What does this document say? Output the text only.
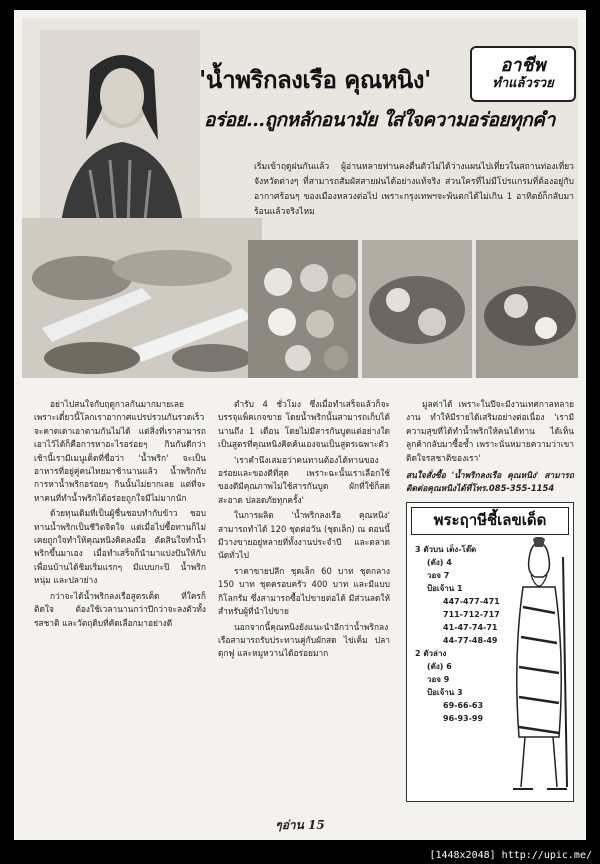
'น้ำพริกลงเรือ คุณหนิง'
อร่อย...ถูกหลักอนามัย ใส่ใจความอร่อยทุกคำ
อาชีพ
ทำแล้วรวย
เริ่มเข้าฤดูฝนกันแล้ว ผู้อ่านหลายท่านคงตื่นตัวไม่ได้ว่างแผนไปเที่ยวในสถานท่องเที่ยวจังหวัดต่างๆ ที่สามารถสัมผัสสายฝนได้อย่างแท้จริง ส่วนใครที่ไม่มีโปรแกรมที่ต้องอยู่กับอากาศร้อนๆ ของเมืองหลวงต่อไป เพราะกรุงเทพฯจะพ้นตกได้ไม่เกิน 1 อาทิตย์ก็กลับมาร้อนแล้วจริงไหม

อย่าไปสนใจกับฤดูกาลกันมากมายเลย เพราะเดี๋ยวนี้โลกเราอากาศแปรปรวนกันรวดเร็วจะคาดเดาเอาตามกันไม่ได้ แต่สิ่งที่เราสามารถเอาไว้ได้ก็คือการหาอะไรอร่อยๆ กินกันดีกว่า เช้านี้เรามีเมนูเด็ดที่ชื่อว่า 'น้ำพริก' จะเป็นอาหารที่อยู่คู่คนไทยมาช้านานแล้ว น้ำพริกกับการหาน้ำพริกอร่อยๆ กินนั้นไม่ยากเลย แต่ที่จะหาคนที่ทำน้ำพริกได้อร่อยถูกใจมีไม่มากนัก

ด้วยทุนเดิมที่เป็นผู้ชื่นชอบทำกับข้าว ชอบทานน้ำพริกเป็นชีวิตจิตใจ แต่เมื่อไปซื้อทานก็ไม่เคยถูกใจทำให้คุณหนิงคิดลงมือ ตัดสินใจทำน้ำพริกขึ้นมาเอง เมื่อทำเสร็จก็นำมาแบ่งปันให้กับเพื่อนบ้านได้ชิมเริ่มแรกๆ มีแบบกะปิ น้ำพริกหนุ่ม และปลาย่าง

กว่าจะได้น้ำพริกลงเรือสูตรเด็ด ที่ใครก็ติดใจ ต้องใช้เวลานานกว่าปีกว่าจะลงตัวทั้งรสชาติ และวัตถุดิบที่คัดเลือกมาอย่างดี

ตำรับ 4 ชั่วโมง ซึ่งเมื่อทำเสร็จแล้วก็จะบรรจุแพ็คเกจขาย โดยน้ำพริกนั้นสามารถเก็บได้นานถึง 1 เดือน โดยไม่มีสารกันบูดแต่อย่างใด เป็นสูตรที่คุณหนิงคิดค้นเองจนเป็นสูตรเฉพาะตัว

'เราคำนึงเสมอว่าคนทานต้องได้ทานของอร่อยและของดีที่สุด เพราะฉะนั้นเราเลือกใช้ของดีมีคุณภาพไม่ใช้สารกันบูด ผักที่ใช้ก็สด สะอาด ปลอดภัยทุกครั้ง'

ในการผลิต 'น้ำพริกลงเรือ คุณหนิง' สามารถทำได้ 120 ชุดต่อวัน (ชุดเล็ก) ณ ตอนนี้มีวางขายอยู่หลายที่ทั้งงานประจำปี และตลาดนัดทั่วไป

ราคาขายปลีก ชุดเล็ก 60 บาท ชุดกลาง 150 บาท ชุดครอบครัว 400 บาท และมีแบบกิโลกรัม ซึ่งสามารถซื้อไปขายต่อได้ มีส่วนลดให้สำหรับผู้ที่นำไปขาย

นอกจากนี้คุณหนิงยังแนะนำอีกว่าน้ำพริกลงเรือสามารถรับประทานคู่กับผักสด ไข่เค็ม ปลาดุกฟู และหมูหวานได้อร่อยมาก

มูลค่าได้ เพราะในปีจะมีงานเทศกาลหลายงาน ทำให้มีรายได้เสริมอย่างต่อเนื่อง 'เรามีความสุขที่ได้ทำน้ำพริกให้คนได้ทาน ได้เห็นลูกค้ากลับมาซื้อซ้ำ เพราะนั่นหมายความว่าเขาติดใจรสชาติของเรา'

สนใจสั่งซื้อ 'น้ำพริกลงเรือ คุณหนิง' สามารถติดต่อคุณหนิงได้ที่โทร.085-355-1154
พระฤาษีชี้เลขเด็ด
3 ตัวบน เต็ง-โต๊ด
(ตัง) 4
วอจ 7
ป้อเจ้าน 1
447-477-471
711-712-717
41-47-74-71
44-77-48-49
2 ตัวล่าง
(ตัง) 6
วอจ 9
ป้อเจ้าน 3
69-66-63
96-93-99
ๆอ่าน 15
[1448x2048] http://upic.me/
